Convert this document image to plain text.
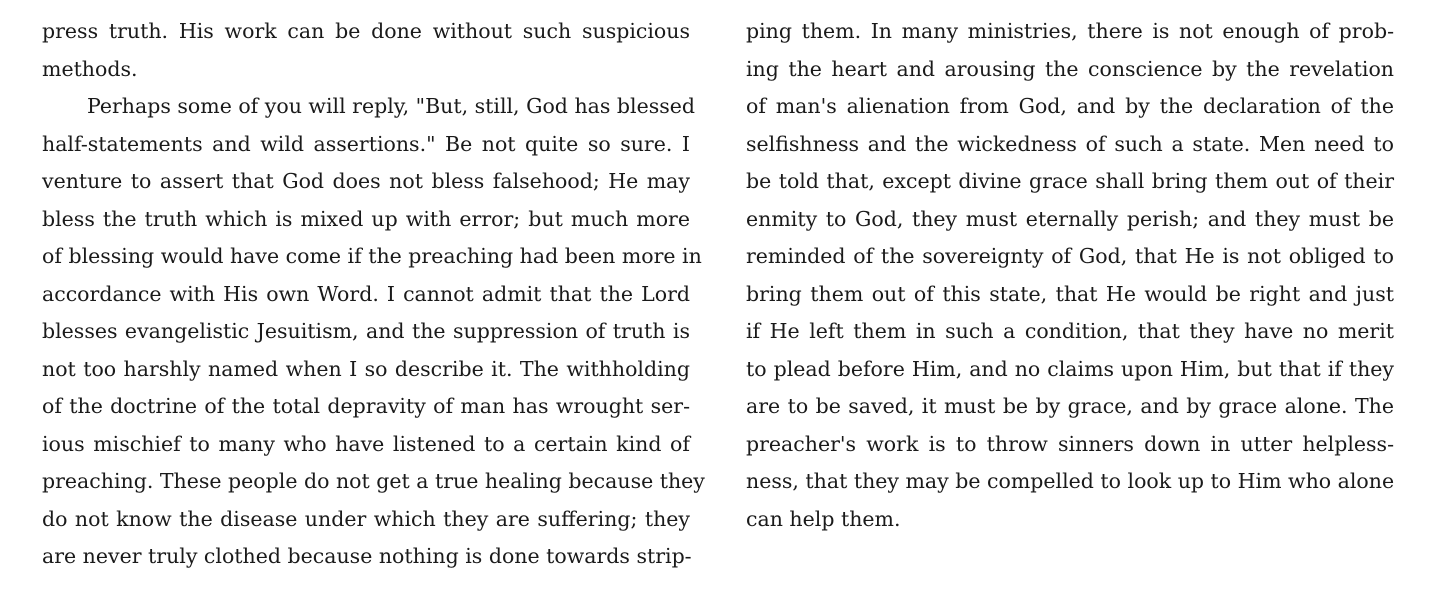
press truth. His work can be done without such suspicious
methods.
Perhaps some of you will reply, "But, still, God has blessed
half-statements and wild assertions." Be not quite so sure. I
venture to assert that God does not bless falsehood; He may
bless the truth which is mixed up with error; but much more
of blessing would have come if the preaching had been more in
accordance with His own Word. I cannot admit that the Lord
blesses evangelistic Jesuitism, and the suppression of truth is
not too harshly named when I so describe it. The withholding
of the doctrine of the total depravity of man has wrought ser-
ious mischief to many who have listened to a certain kind of
preaching. These people do not get a true healing because they
do not know the disease under which they are suffering; they
are never truly clothed because nothing is done towards strip-
ping them. In many ministries, there is not enough of prob-
ing the heart and arousing the conscience by the revelation
of man's alienation from God, and by the declaration of the
selfishness and the wickedness of such a state. Men need to
be told that, except divine grace shall bring them out of their
enmity to God, they must eternally perish; and they must be
reminded of the sovereignty of God, that He is not obliged to
bring them out of this state, that He would be right and just
if He left them in such a condition, that they have no merit
to plead before Him, and no claims upon Him, but that if they
are to be saved, it must be by grace, and by grace alone. The
preacher's work is to throw sinners down in utter helpless-
ness, that they may be compelled to look up to Him who alone
can help them.
